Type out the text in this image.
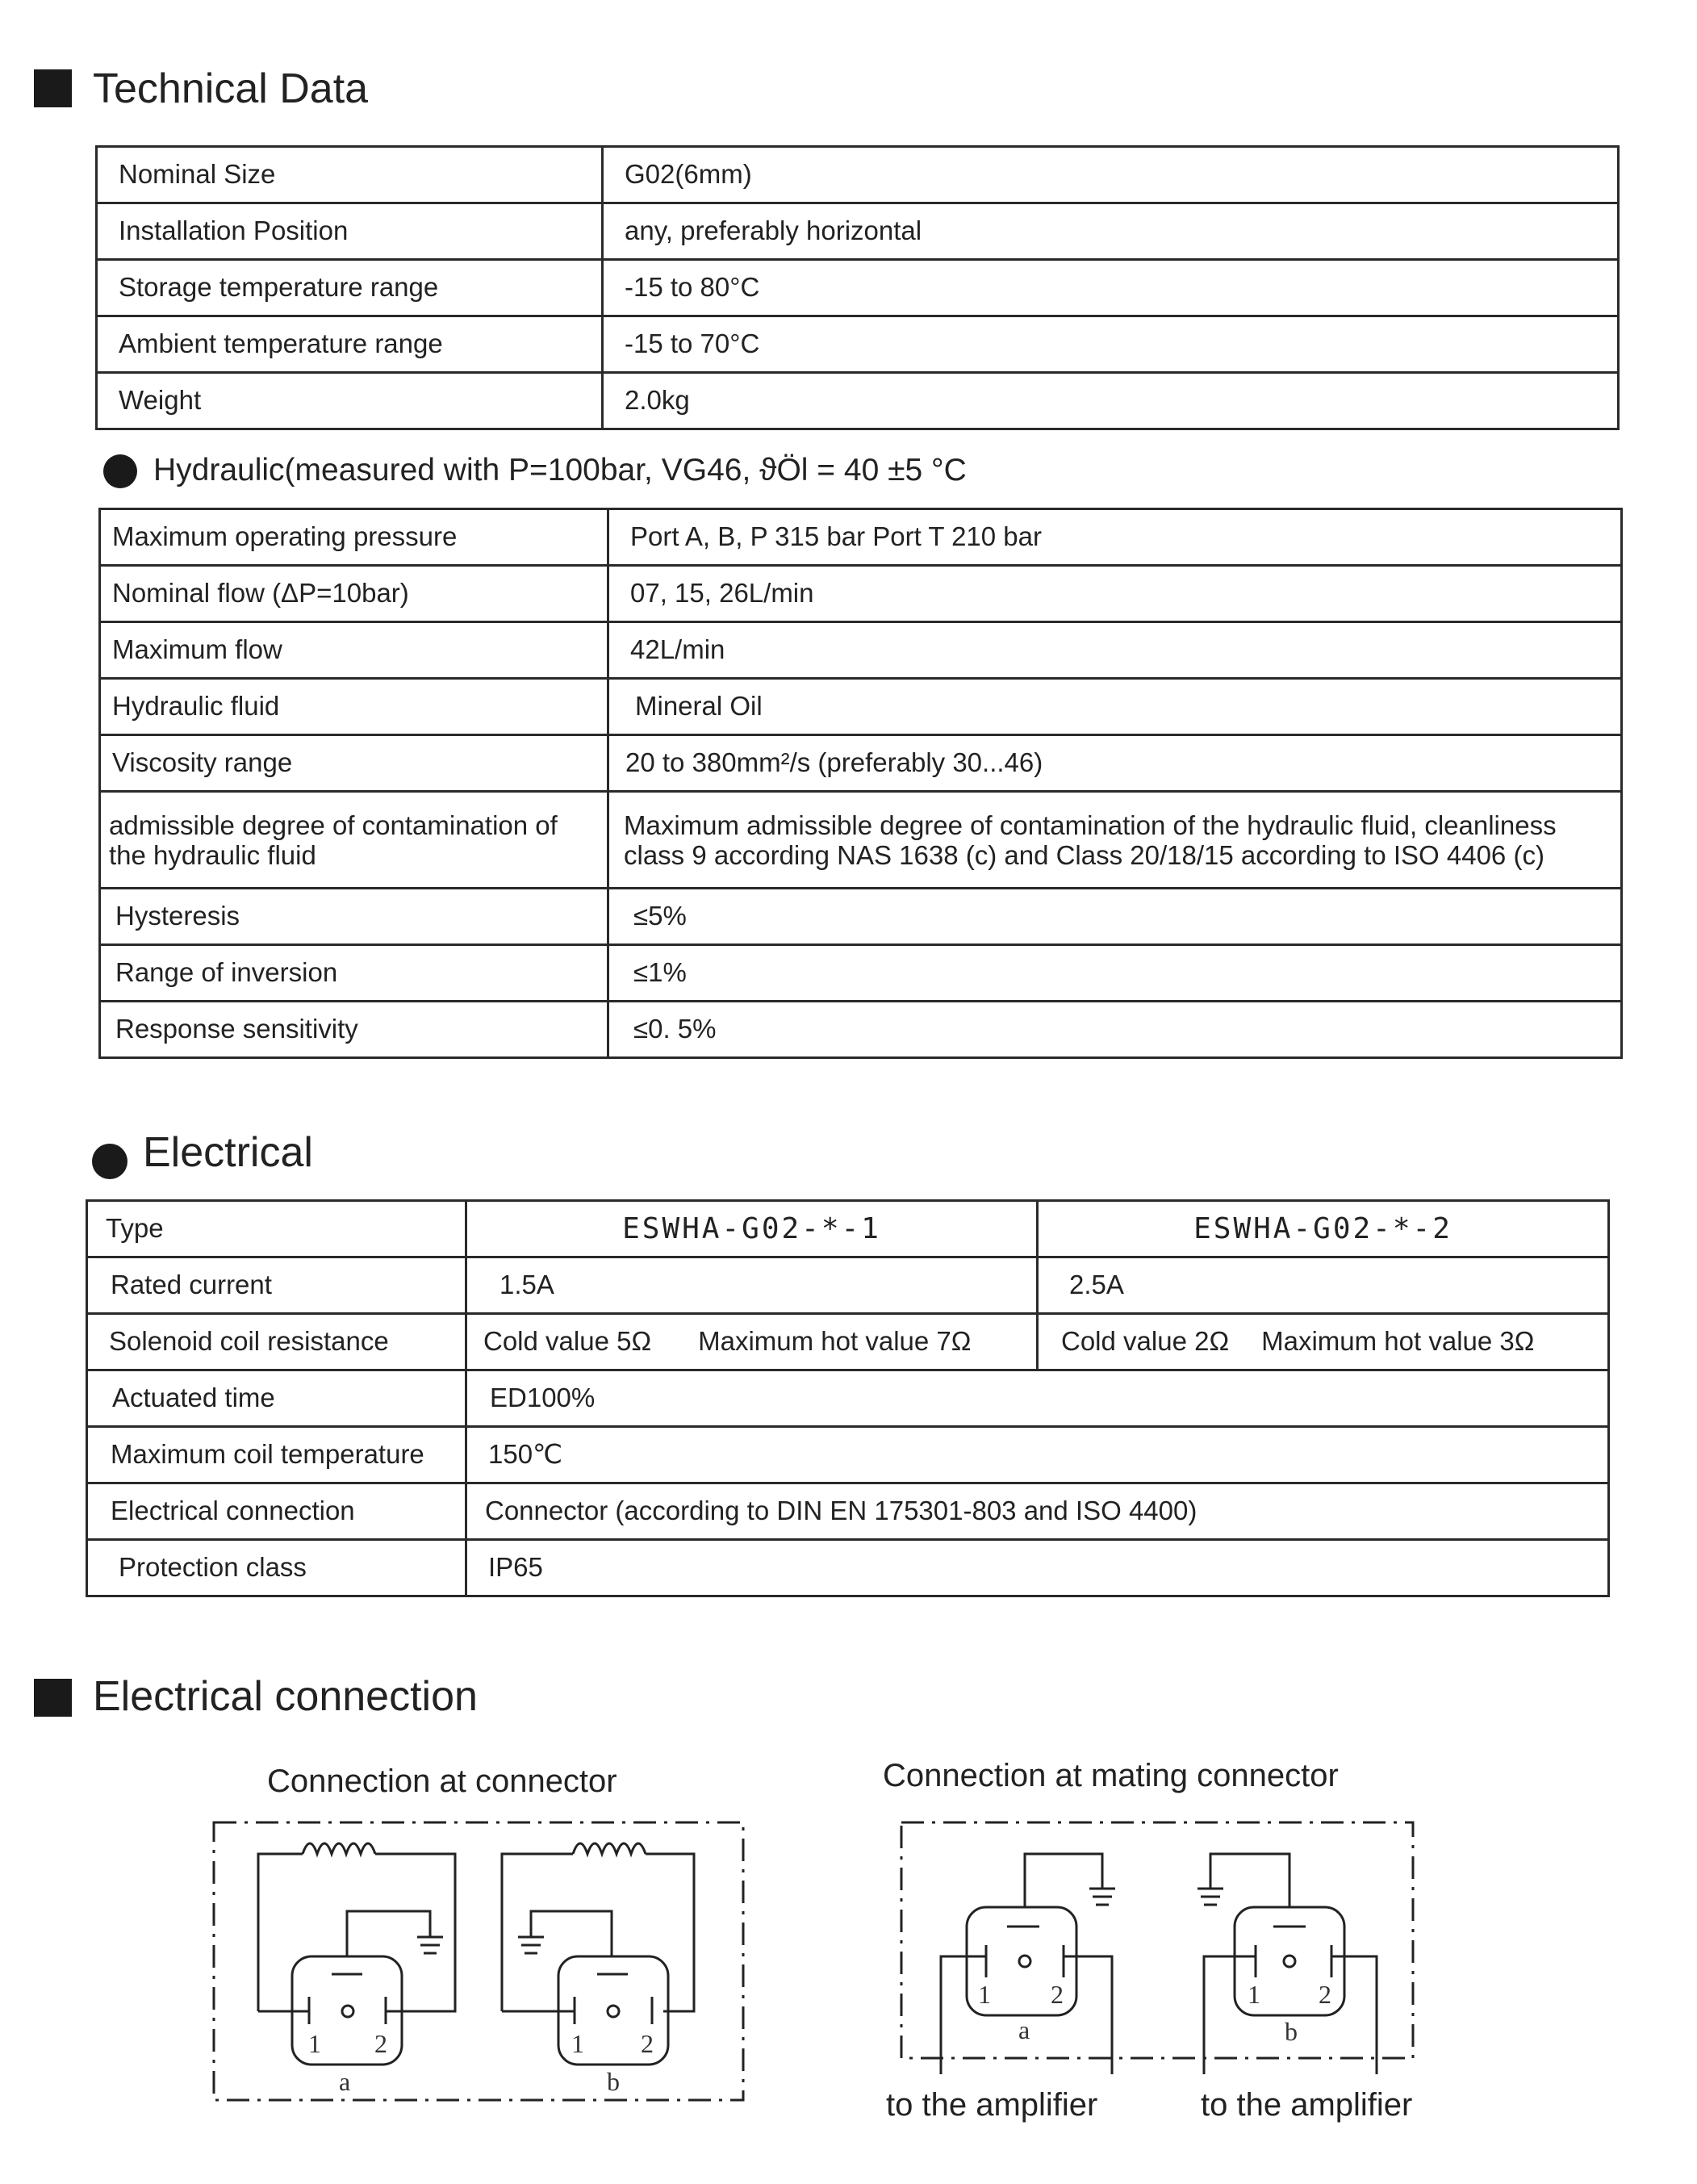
Technical Data
Nominal Size	G02(6mm)
Installation Position	any, preferably horizontal
Storage temperature range	-15 to 80°C
Ambient temperature range	-15 to 70°C
Weight	2.0kg
Hydraulic(measured with P=100bar, VG46, ϑÖl = 40 ±5 °C
Maximum operating pressure	Port A, B, P 315 bar Port T 210 bar
Nominal flow (ΔP=10bar)	07, 15, 26L/min
Maximum flow	42L/min
Hydraulic fluid	Mineral Oil
Viscosity range	20 to 380mm²/s (preferably 30...46)
admissible degree of contamination of the hydraulic fluid	Maximum admissible degree of contamination of the hydraulic fluid, cleanliness class 9 according NAS 1638 (c) and Class 20/18/15 according to ISO 4406 (c)
Hysteresis	≤5%
Range of inversion	≤1%
Response sensitivity	≤0. 5%
Electrical
Type	ESWHA-G02-*-1	ESWHA-G02-*-2
Rated current	1.5A	2.5A
Solenoid coil resistance	Cold value 5Ω Maximum hot value 7Ω	Cold value 2Ω Maximum hot value 3Ω
Actuated time	ED100%	
Maximum coil temperature	150℃	
Electrical connection	Connector (according to DIN EN 175301-803 and ISO 4400)	
Protection class	IP65	
Electrical connection
Connection at connector	Connection at mating connector
1 2
a
1 2
b
1 2
a
1 2
b
to the amplifier	to the amplifier
